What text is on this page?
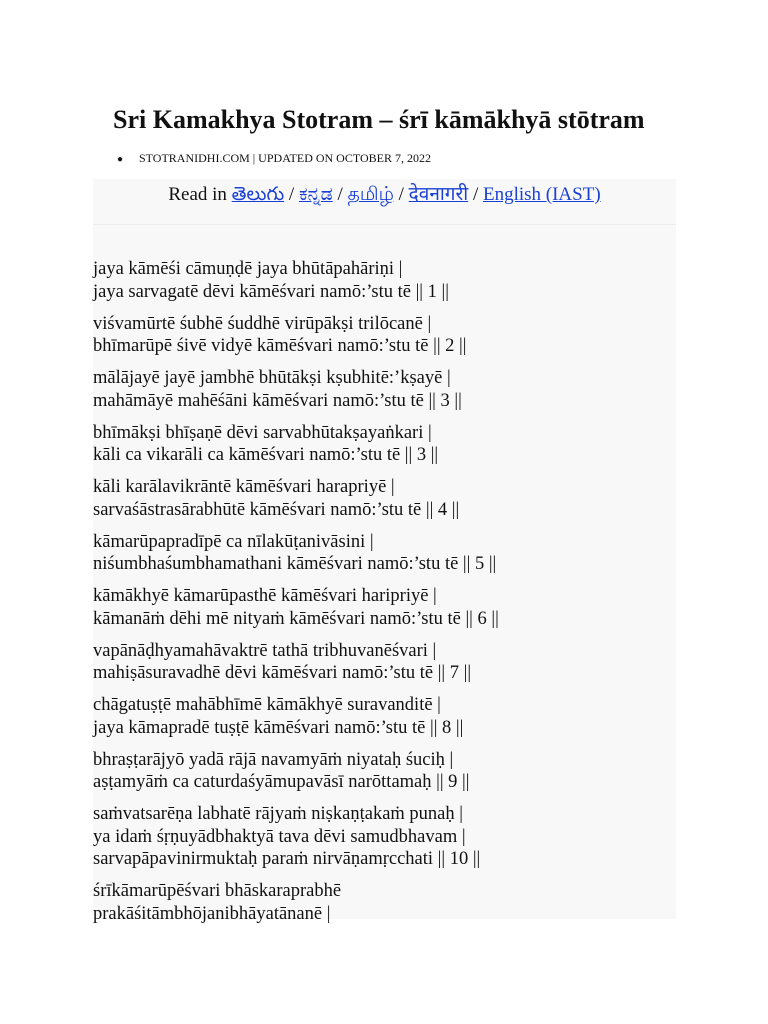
Sri Kamakhya Stotram – śrī kāmākhyā stōtram
● STOTRANIDHI.COM | UPDATED ON OCTOBER 7, 2022
Read in తెలుగు / ಕನ್ನಡ / தமிழ் / देवनागरी / English (IAST)

jaya kāmēśi cāmuṇḍē jaya bhūtāpahāriṇi |
jaya sarvagatē dēvi kāmēśvari namō:’stu tē || 1 ||

viśvamūrtē śubhē śuddhē virūpākṣi trilōcanē |
bhīmarūpē śivē vidyē kāmēśvari namō:’stu tē || 2 ||

mālājayē jayē jambhē bhūtākṣi kṣubhitē:’kṣayē |
mahāmāyē mahēśāni kāmēśvari namō:’stu tē || 3 ||

bhīmākṣi bhīṣaṇē dēvi sarvabhūtakṣayaṅkari |
kāli ca vikarāli ca kāmēśvari namō:’stu tē || 3 ||

kāli karālavikrāntē kāmēśvari harapriyē |
sarvaśāstrasārabhūtē kāmēśvari namō:’stu tē || 4 ||

kāmarūpapradīpē ca nīlakūṭanivāsini |
niśumbhaśumbhamathani kāmēśvari namō:’stu tē || 5 ||

kāmākhyē kāmarūpasthē kāmēśvari haripriyē |
kāmanāṁ dēhi mē nityaṁ kāmēśvari namō:’stu tē || 6 ||

vapānāḍhyamahāvaktrē tathā tribhuvanēśvari |
mahiṣāsuravadhē dēvi kāmēśvari namō:’stu tē || 7 ||

chāgatuṣṭē mahābhīmē kāmākhyē suravanditē |
jaya kāmapradē tuṣṭē kāmēśvari namō:’stu tē || 8 ||

bhraṣṭarājyō yadā rājā navamyāṁ niyataḥ śuciḥ |
aṣṭamyāṁ ca caturdaśyāmupavāsī narōttamaḥ || 9 ||

saṁvatsarēṇa labhatē rājyaṁ niṣkaṇṭakaṁ punaḥ |
ya idaṁ śṛṇuyādbhaktyā tava dēvi samudbhavam |
sarvapāpavinirmuktaḥ paraṁ nirvāṇamṛcchati || 10 ||

śrīkāmarūpēśvari bhāskaraprabhē
prakāśitāmbhōjanibhāyatānanē |
